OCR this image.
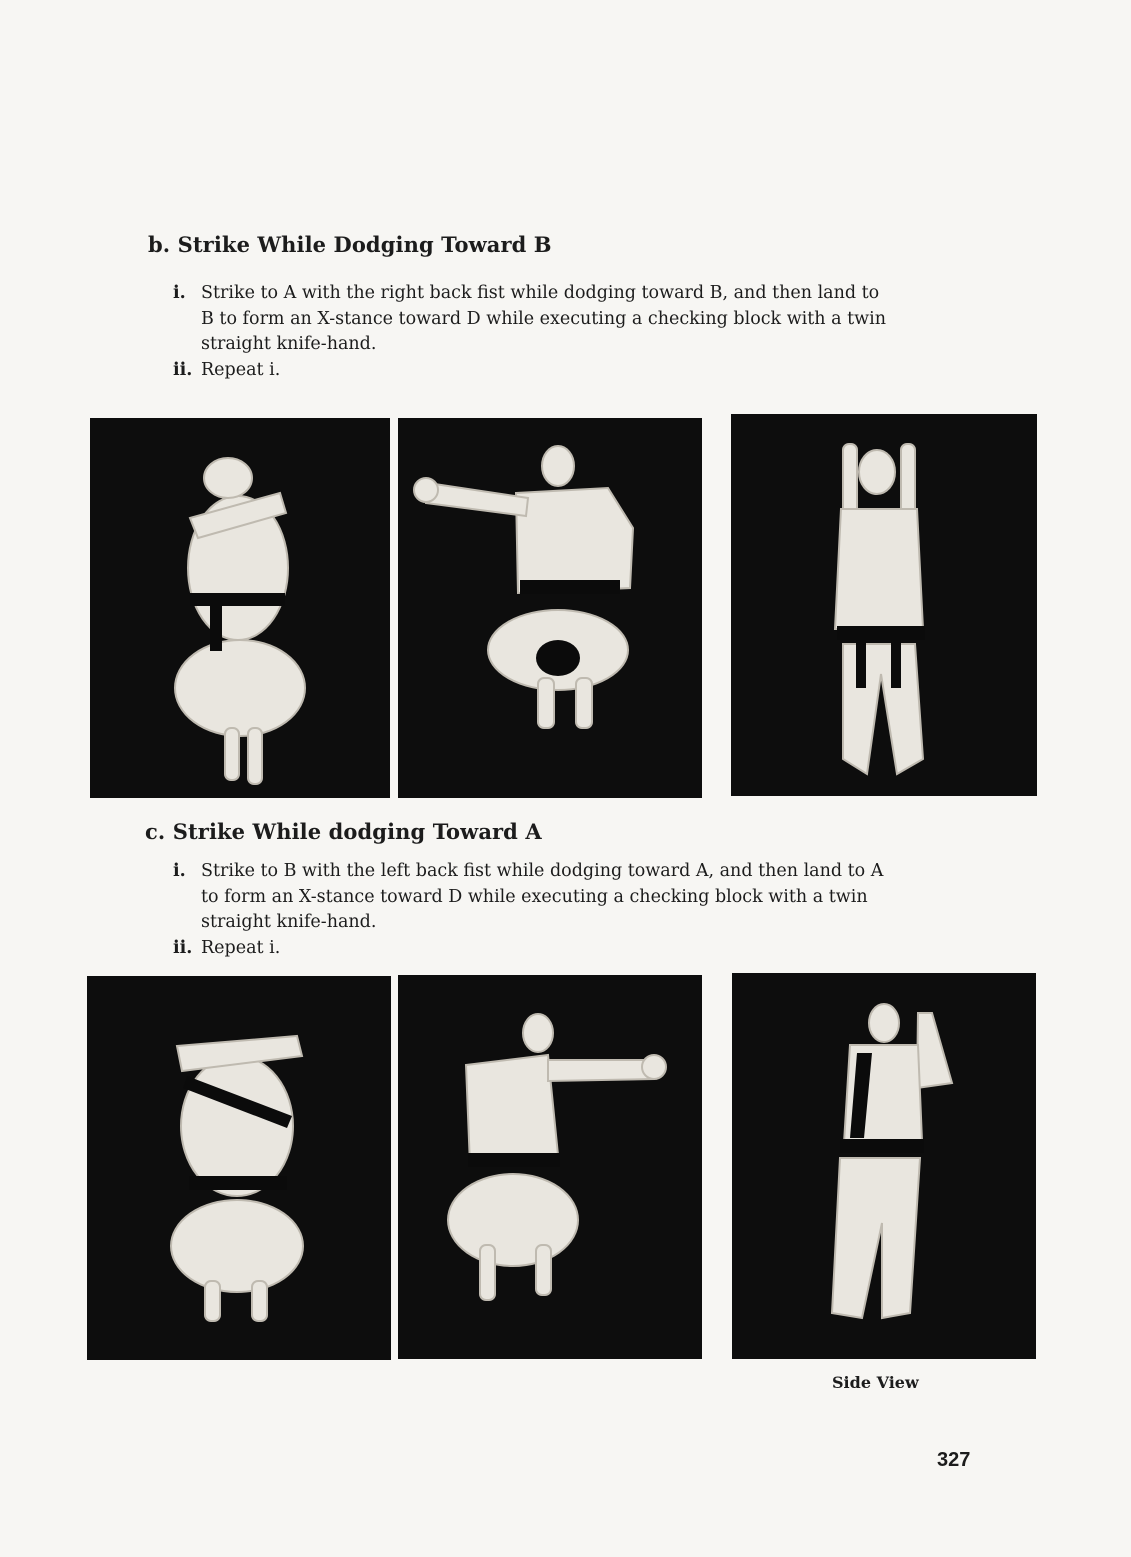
b. Strike While Dodging Toward B
i. Strike to A with the right back fist while dodging toward B, and then land to B to form an X-stance toward D while executing a checking block with a twin straight knife-hand.
ii. Repeat i.
c. Strike While dodging Toward A
i. Strike to B with the left back fist while dodging toward A, and then land to A to form an X-stance toward D while executing a checking block with a twin straight knife-hand.
ii. Repeat i.
Side View
327
